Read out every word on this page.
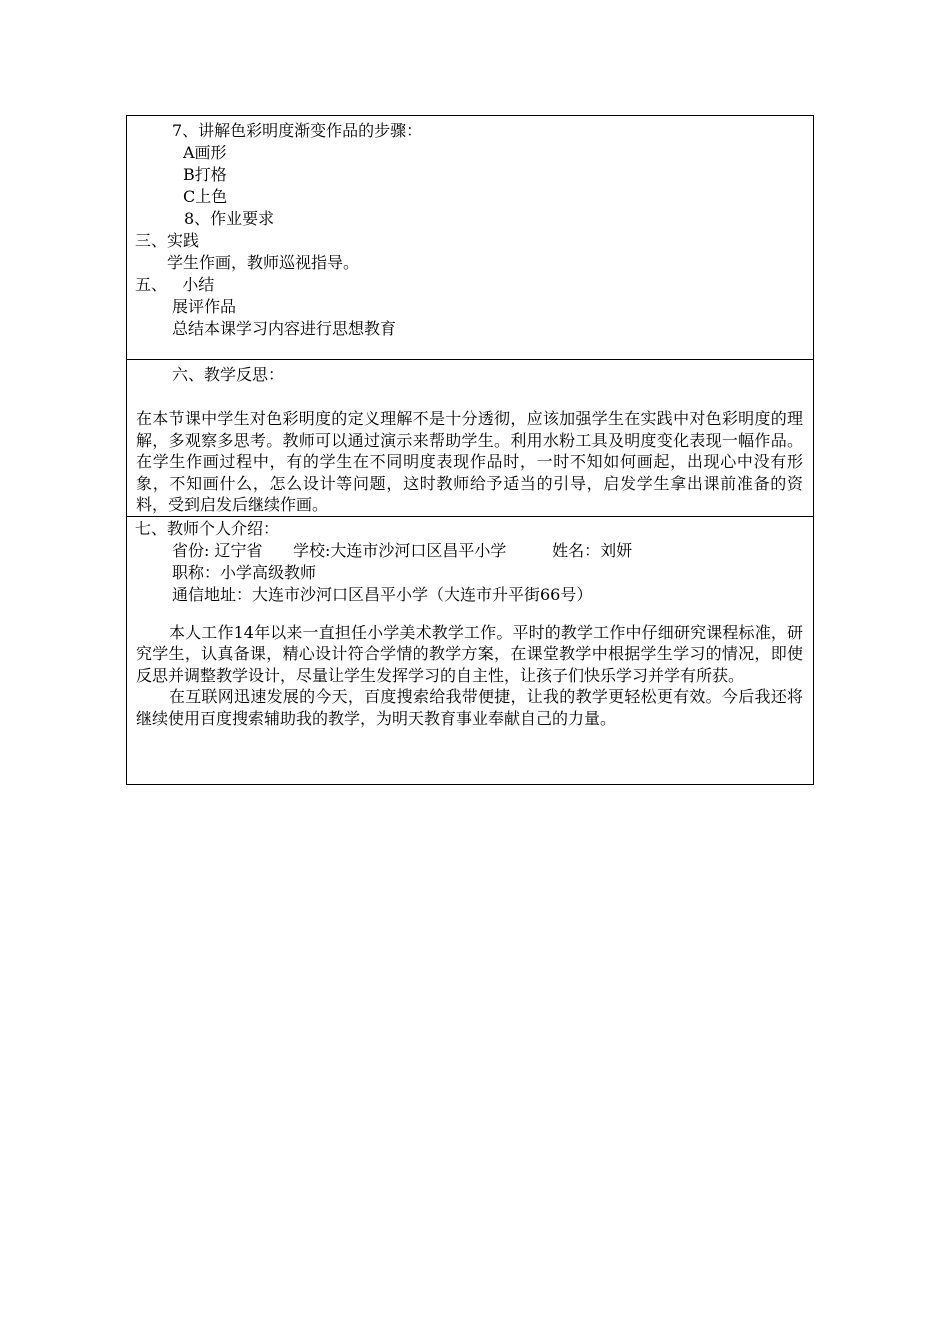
7、讲解色彩明度渐变作品的步骤：
A画形
B打格
C上色
8、作业要求
三、实践
学生作画，教师巡视指导。
五、   小结
展评作品
总结本课学习内容进行思想教育

六、教学反思：

在本节课中学生对色彩明度的定义理解不是十分透彻，应该加强学生在实践中对色彩明度的理解，多观察多思考。教师可以通过演示来帮助学生。利用水粉工具及明度变化表现一幅作品。在学生作画过程中，有的学生在不同明度表现作品时，一时不知如何画起，出现心中没有形象，不知画什么，怎么设计等问题，这时教师给予适当的引导，启发学生拿出课前准备的资料，受到启发后继续作画。

七、教师个人介绍：
省份: 辽宁省      学校:大连市沙河口区昌平小学         姓名：刘妍
职称：小学高级教师
通信地址：大连市沙河口区昌平小学（大连市升平街66号）

本人工作14年以来一直担任小学美术教学工作。平时的教学工作中仔细研究课程标准，研究学生，认真备课，精心设计符合学情的教学方案，在课堂教学中根据学生学习的情况，即使反思并调整教学设计，尽量让学生发挥学习的自主性，让孩子们快乐学习并学有所获。

在互联网迅速发展的今天，百度搜索给我带便捷，让我的教学更轻松更有效。今后我还将继续使用百度搜索辅助我的教学，为明天教育事业奉献自己的力量。
